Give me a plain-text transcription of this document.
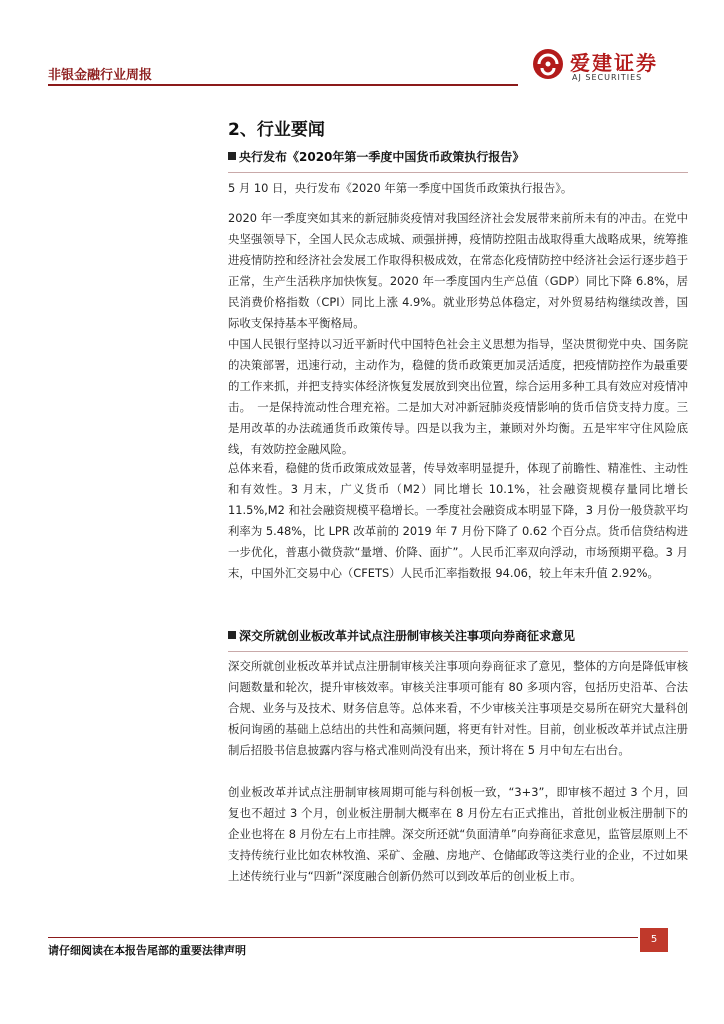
非银金融行业周报
爱建证券
AJ SECURITIES
2、行业要闻
央行发布《2020年第一季度中国货币政策执行报告》
5 月 10 日，央行发布《2020 年第一季度中国货币政策执行报告》。
2020 年一季度突如其来的新冠肺炎疫情对我国经济社会发展带来前所未有的冲击。在党中央坚强领导下，全国人民众志成城、顽强拼搏，疫情防控阻击战取得重大战略成果，统筹推进疫情防控和经济社会发展工作取得积极成效，在常态化疫情防控中经济社会运行逐步趋于正常，生产生活秩序加快恢复。2020 年一季度国内生产总值（GDP）同比下降 6.8%，居民消费价格指数（CPI）同比上涨 4.9%。就业形势总体稳定，对外贸易结构继续改善，国际收支保持基本平衡格局。
中国人民银行坚持以习近平新时代中国特色社会主义思想为指导，坚决贯彻党中央、国务院的决策部署，迅速行动，主动作为，稳健的货币政策更加灵活适度，把疫情防控作为最重要的工作来抓，并把支持实体经济恢复发展放到突出位置，综合运用多种工具有效应对疫情冲击。　一是保持流动性合理充裕。二是加大对冲新冠肺炎疫情影响的货币信贷支持力度。三是用改革的办法疏通货币政策传导。四是以我为主，兼顾对外均衡。五是牢牢守住风险底线，有效防控金融风险。
总体来看，稳健的货币政策成效显著，传导效率明显提升，体现了前瞻性、精准性、主动性和有效性。3 月末，广义货币（M2）同比增长 10.1%，社会融资规模存量同比增长 11.5%,M2 和社会融资规模平稳增长。一季度社会融资成本明显下降，3 月份一般贷款平均利率为 5.48%，比 LPR 改革前的 2019 年 7 月份下降了 0.62 个百分点。货币信贷结构进一步优化，普惠小微贷款“量增、价降、面扩”。人民币汇率双向浮动，市场预期平稳。3 月末，中国外汇交易中心（CFETS）人民币汇率指数报 94.06，较上年末升值 2.92%。
深交所就创业板改革并试点注册制审核关注事项向券商征求意见
深交所就创业板改革并试点注册制审核关注事项向券商征求了意见，整体的方向是降低审核问题数量和轮次，提升审核效率。审核关注事项可能有 80 多项内容，包括历史沿革、合法合规、业务与及技术、财务信息等。总体来看，不少审核关注事项是交易所在研究大量科创板问询函的基础上总结出的共性和高频问题，将更有针对性。目前，创业板改革并试点注册制后招股书信息披露内容与格式准则尚没有出来，预计将在 5 月中旬左右出台。
创业板改革并试点注册制审核周期可能与科创板一致，“3+3”，即审核不超过 3 个月，回复也不超过 3 个月，创业板注册制大概率在 8 月份左右正式推出，首批创业板注册制下的企业也将在 8 月份左右上市挂牌。深交所还就“负面清单”向券商征求意见，监管层原则上不支持传统行业比如农林牧渔、采矿、金融、房地产、仓储邮政等这类行业的企业，不过如果上述传统行业与“四新”深度融合创新仍然可以到改革后的创业板上市。
请仔细阅读在本报告尾部的重要法律声明
5
